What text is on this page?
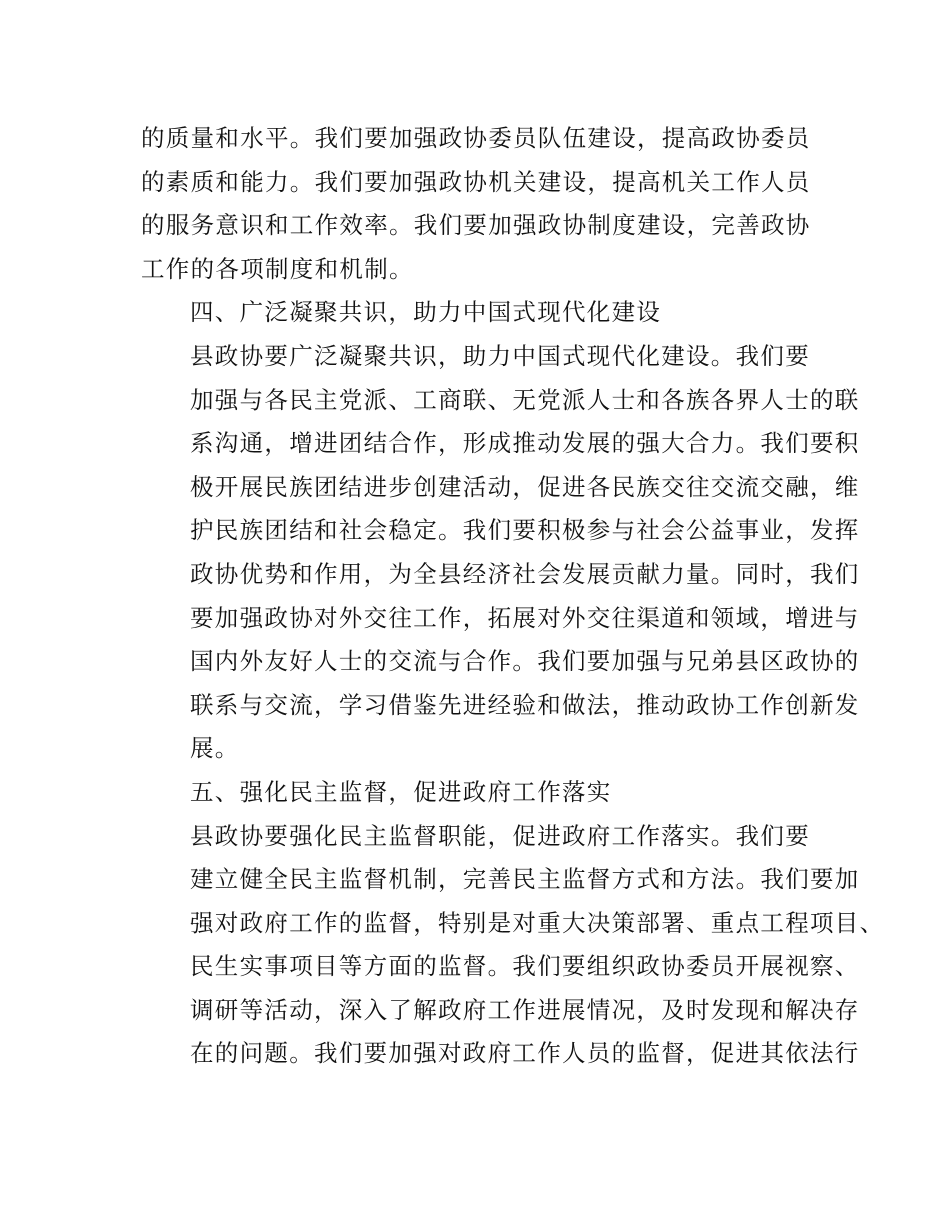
的质量和水平。我们要加强政协委员队伍建设，提高政协委员
的素质和能力。我们要加强政协机关建设，提高机关工作人员
的服务意识和工作效率。我们要加强政协制度建设，完善政协
工作的各项制度和机制。

四、广泛凝聚共识，助力中国式现代化建设

县政协要广泛凝聚共识，助力中国式现代化建设。我们要
加强与各民主党派、工商联、无党派人士和各族各界人士的联
系沟通，增进团结合作，形成推动发展的强大合力。我们要积
极开展民族团结进步创建活动，促进各民族交往交流交融，维
护民族团结和社会稳定。我们要积极参与社会公益事业，发挥
政协优势和作用，为全县经济社会发展贡献力量。同时，我们
要加强政协对外交往工作，拓展对外交往渠道和领域，增进与
国内外友好人士的交流与合作。我们要加强与兄弟县区政协的
联系与交流，学习借鉴先进经验和做法，推动政协工作创新发
展。

五、强化民主监督，促进政府工作落实

县政协要强化民主监督职能，促进政府工作落实。我们要
建立健全民主监督机制，完善民主监督方式和方法。我们要加
强对政府工作的监督，特别是对重大决策部署、重点工程项目、
民生实事项目等方面的监督。我们要组织政协委员开展视察、
调研等活动，深入了解政府工作进展情况，及时发现和解决存
在的问题。我们要加强对政府工作人员的监督，促进其依法行
